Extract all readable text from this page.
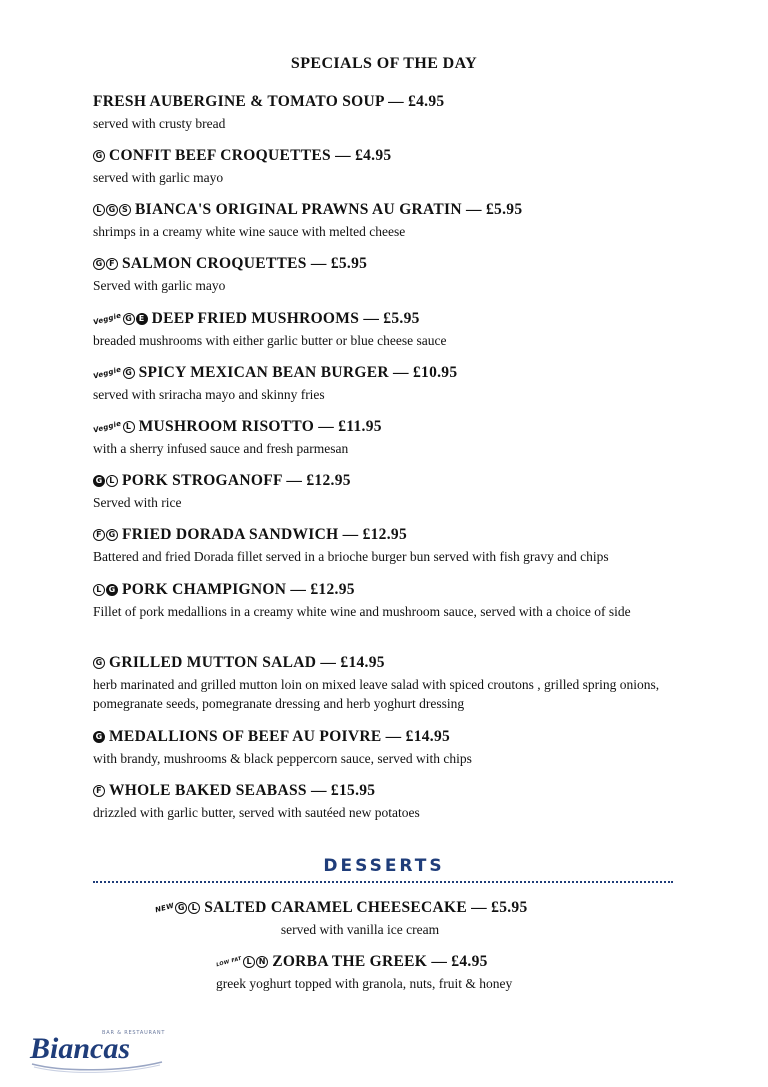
SPECIALS OF THE DAY
FRESH AUBERGINE & TOMATO SOUP — £4.95
served with crusty bread
G CONFIT BEEF CROQUETTES — £4.95
served with garlic mayo
L G S BIANCA'S ORIGINAL PRAWNS AU GRATIN — £5.95
shrimps in a creamy white wine sauce with melted cheese
G F SALMON CROQUETTES — £5.95
Served with garlic mayo
Veggie G E DEEP FRIED MUSHROOMS — £5.95
breaded mushrooms with either garlic butter or blue cheese sauce
Veggie G SPICY MEXICAN BEAN BURGER — £10.95
served with sriracha mayo and skinny fries
Veggie L MUSHROOM RISOTTO — £11.95
with a sherry infused sauce and fresh parmesan
G L PORK STROGANOFF — £12.95
Served with rice
F G FRIED DORADA SANDWICH — £12.95
Battered and fried Dorada fillet served in a brioche burger bun served with fish gravy and chips
L G PORK CHAMPIGNON — £12.95
Fillet of pork medallions in a creamy white wine and mushroom sauce, served with a choice of side
G GRILLED MUTTON SALAD — £14.95
herb marinated and grilled mutton loin on mixed leave salad with spiced croutons , grilled spring onions, pomegranate seeds, pomegranate dressing and herb yoghurt dressing
G MEDALLIONS OF BEEF AU POIVRE — £14.95
with brandy, mushrooms & black peppercorn sauce, served with chips
F WHOLE BAKED SEABASS — £15.95
drizzled with garlic butter, served with sautéed new potatoes
DESSERTS
NEW G L SALTED CARAMEL CHEESECAKE — £5.95
served with vanilla ice cream
LOW FAT L N ZORBA THE GREEK — £4.95
greek yoghurt topped with granola, nuts, fruit & honey
Biancas
BAR & RESTAURANT
